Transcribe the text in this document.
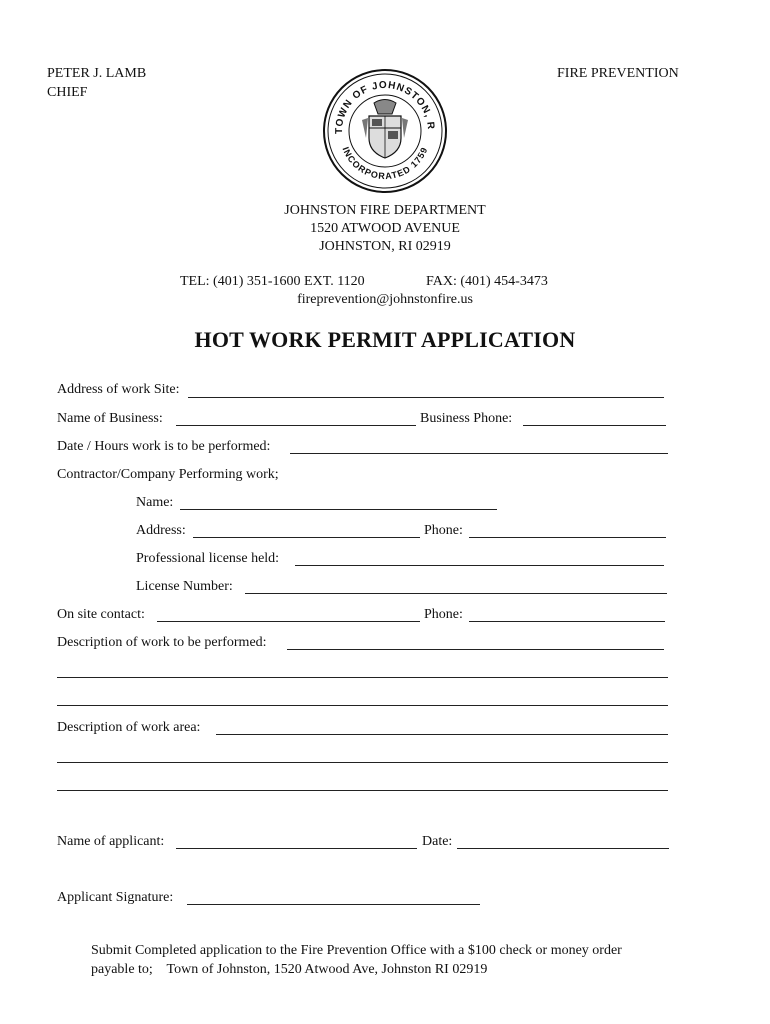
PETER J. LAMB
CHIEF
FIRE PREVENTION
TOWN OF JOHNSTON, R
INCORPORATED 1759
JOHNSTON FIRE DEPARTMENT
1520 ATWOOD AVENUE
JOHNSTON, RI 02919
TEL: (401) 351-1600 EXT. 1120	FAX: (401) 454-3473
fireprevention@johnstonfire.us
HOT WORK PERMIT APPLICATION
Address of work Site:
Name of Business:	Business Phone:
Date / Hours work is to be performed:
Contractor/Company Performing work;
Name:
Address:	Phone:
Professional license held:
License Number:
On site contact:	Phone:
Description of work to be performed:
Description of work area:
Name of applicant:	Date:
Applicant Signature:
Submit Completed application to the Fire Prevention Office with a $100 check or money order
payable to;    Town of Johnston, 1520 Atwood Ave, Johnston RI 02919
